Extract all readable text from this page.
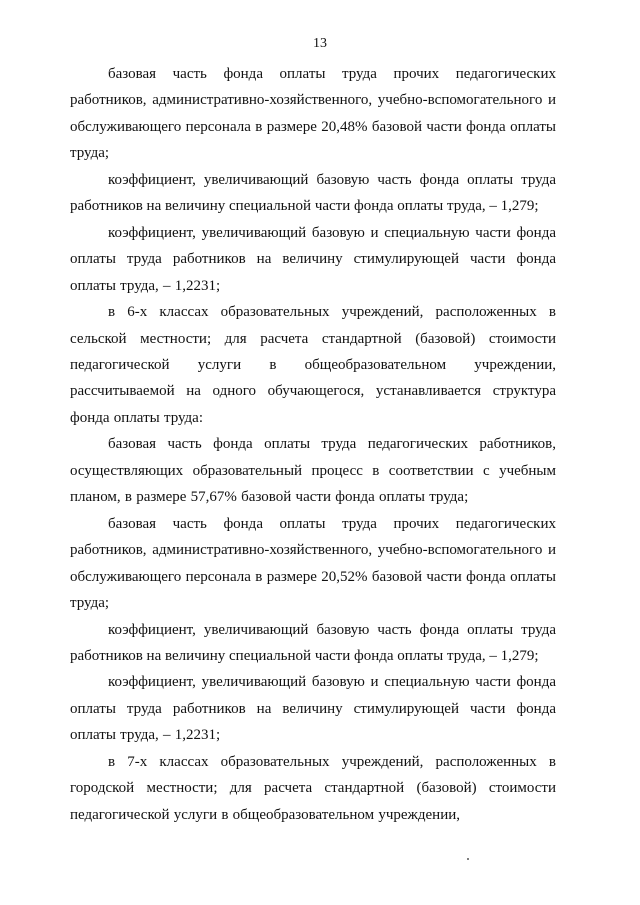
13

базовая часть фонда оплаты труда прочих педагогических работников, административно-хозяйственного, учебно-вспомогательного и обслуживающего персонала в размере 20,48% базовой части фонда оплаты труда;

коэффициент, увеличивающий базовую часть фонда оплаты труда работников на величину специальной части фонда оплаты труда, – 1,279;

коэффициент, увеличивающий базовую и специальную части фонда оплаты труда работников на величину стимулирующей части фонда оплаты труда, – 1,2231;

в 6-х классах образовательных учреждений, расположенных в сельской местности; для расчета стандартной (базовой) стоимости педагогической услуги в общеобразовательном учреждении, рассчитываемой на одного обучающегося, устанавливается структура фонда оплаты труда:

базовая часть фонда оплаты труда педагогических работников, осуществляющих образовательный процесс в соответствии с учебным планом, в размере 57,67% базовой части фонда оплаты труда;

базовая часть фонда оплаты труда прочих педагогических работников, административно-хозяйственного, учебно-вспомогательного и обслуживающего персонала в размере 20,52% базовой части фонда оплаты труда;

коэффициент, увеличивающий базовую часть фонда оплаты труда работников на величину специальной части фонда оплаты труда, – 1,279;

коэффициент, увеличивающий базовую и специальную части фонда оплаты труда работников на величину стимулирующей части фонда оплаты труда, – 1,2231;

в 7-х классах образовательных учреждений, расположенных в городской местности; для расчета стандартной (базовой) стоимости педагогической услуги в общеобразовательном учреждении,
